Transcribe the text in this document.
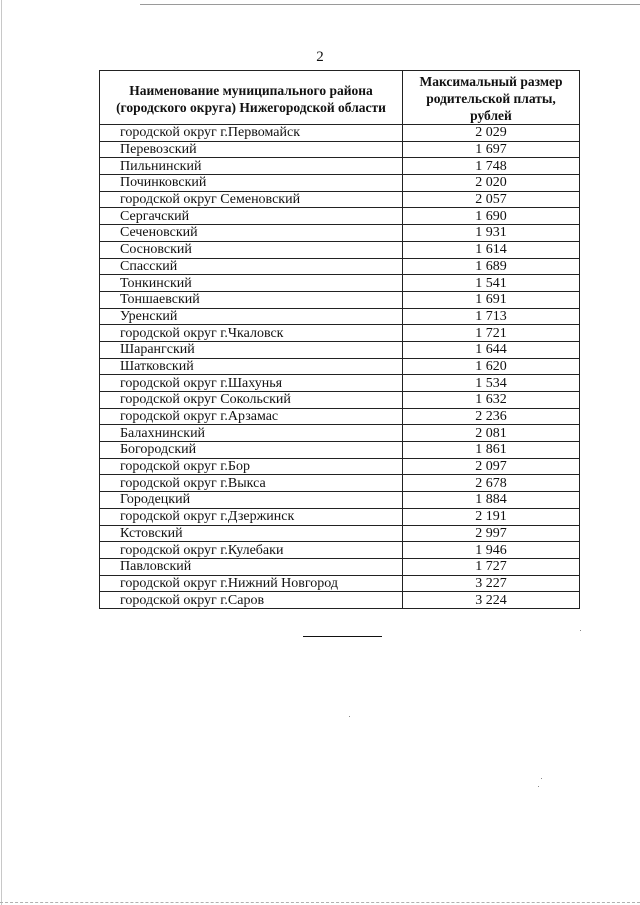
2
Наименование муниципального района (городского округа) Нижегородской области	Максимальный размер родительской платы, рублей

городской округ г.Первомайск	2 029
Перевозский	1 697
Пильнинский	1 748
Починковский	2 020
городской округ Семеновский	2 057
Сергачский	1 690
Сеченовский	1 931
Сосновский	1 614
Спасский	1 689
Тонкинский	1 541
Тоншаевский	1 691
Уренский	1 713
городской округ г.Чкаловск	1 721
Шарангский	1 644
Шатковский	1 620
городской округ г.Шахунья	1 534
городской округ Сокольский	1 632
городской округ г.Арзамас	2 236
Балахнинский	2 081
Богородский	1 861
городской округ г.Бор	2 097
городской округ г.Выкса	2 678
Городецкий	1 884
городской округ г.Дзержинск	2 191
Кстовский	2 997
городской округ г.Кулебаки	1 946
Павловский	1 727
городской округ г.Нижний Новгород	3 227
городской округ г.Саров	3 224
